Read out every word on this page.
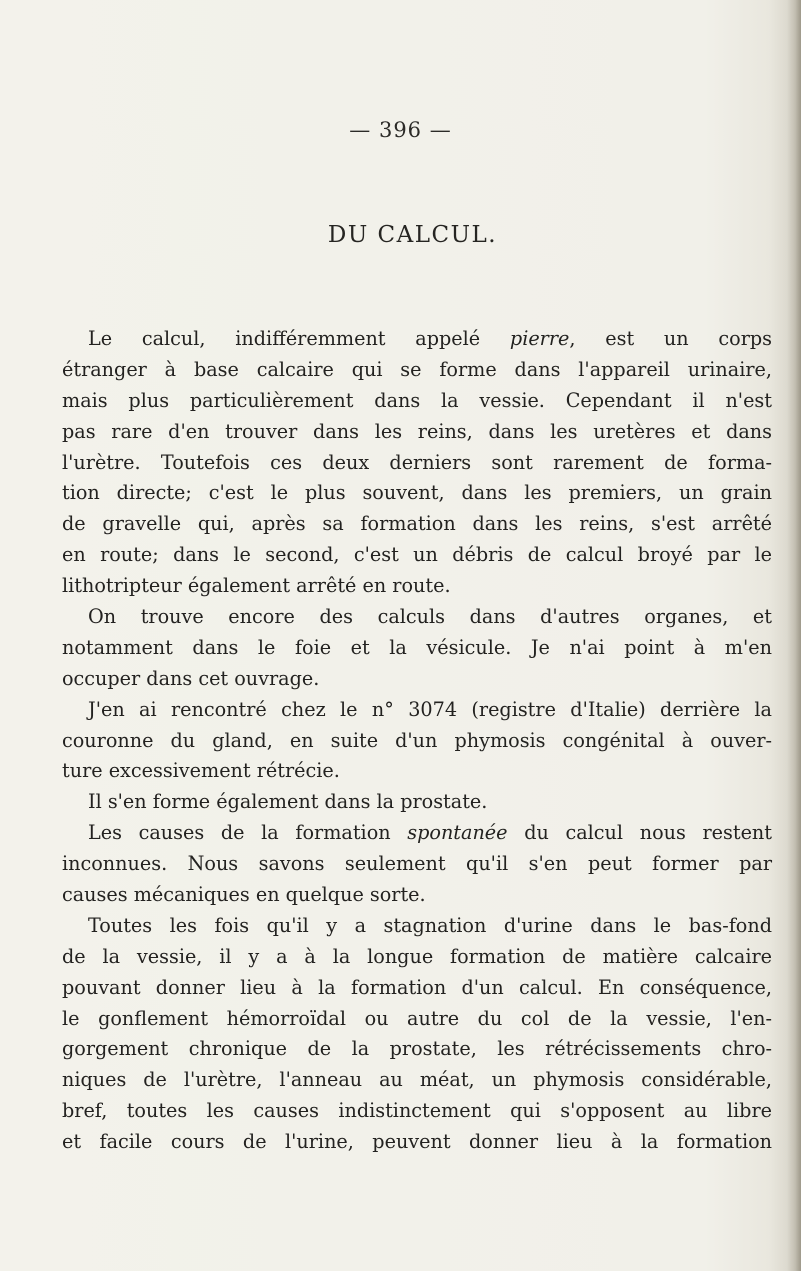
— 396 —
DU CALCUL.
Le calcul, indifféremment appelé pierre, est un corps
étranger à base calcaire qui se forme dans l'appareil urinaire,
mais plus particulièrement dans la vessie. Cependant il n'est
pas rare d'en trouver dans les reins, dans les uretères et dans
l'urètre. Toutefois ces deux derniers sont rarement de forma-
tion directe; c'est le plus souvent, dans les premiers, un grain
de gravelle qui, après sa formation dans les reins, s'est arrêté
en route; dans le second, c'est un débris de calcul broyé par le
lithotripteur également arrêté en route.
On trouve encore des calculs dans d'autres organes, et
notamment dans le foie et la vésicule. Je n'ai point à m'en
occuper dans cet ouvrage.
J'en ai rencontré chez le n° 3074 (registre d'Italie) derrière la
couronne du gland, en suite d'un phymosis congénital à ouver-
ture excessivement rétrécie.
Il s'en forme également dans la prostate.
Les causes de la formation spontanée du calcul nous restent
inconnues. Nous savons seulement qu'il s'en peut former par
causes mécaniques en quelque sorte.
Toutes les fois qu'il y a stagnation d'urine dans le bas-fond
de la vessie, il y a à la longue formation de matière calcaire
pouvant donner lieu à la formation d'un calcul. En conséquence,
le gonflement hémorroïdal ou autre du col de la vessie, l'en-
gorgement chronique de la prostate, les rétrécissements chro-
niques de l'urètre, l'anneau au méat, un phymosis considérable,
bref, toutes les causes indistinctement qui s'opposent au libre
et facile cours de l'urine, peuvent donner lieu à la formation
